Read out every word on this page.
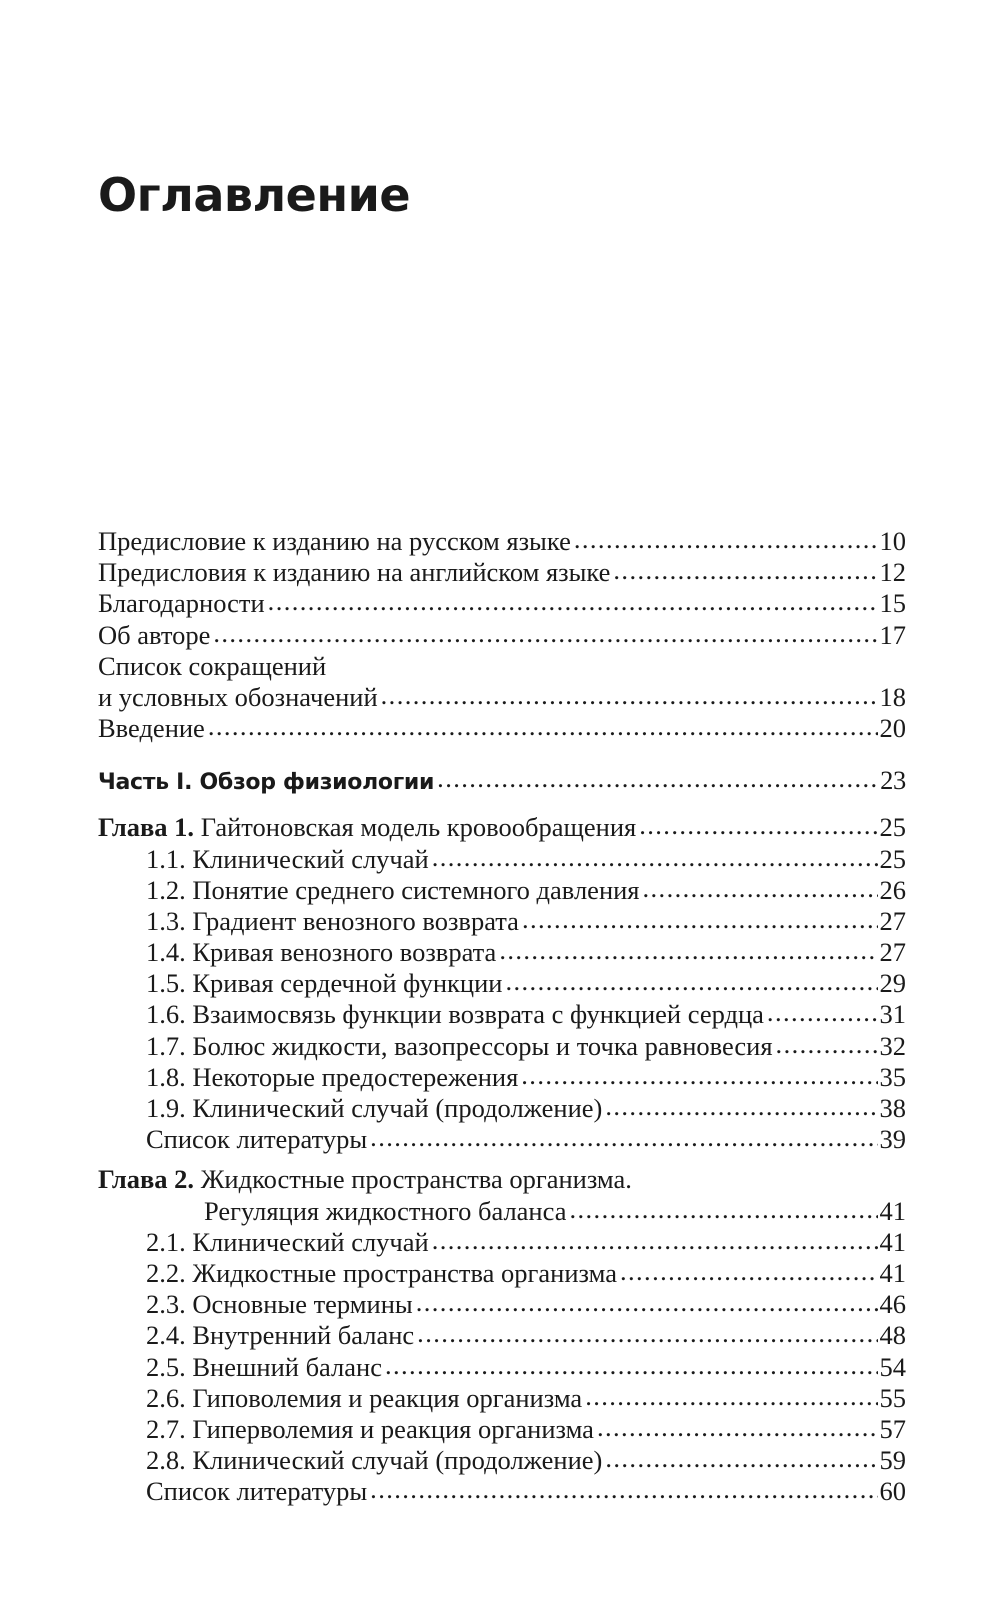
Оглавление
Предисловие к изданию на русском языке .....	10
Предисловия к изданию на английском языке .....	12
Благодарности .....	15
Об авторе .....	17
Список сокращений
и условных обозначений .....	18
Введение .....	20
Часть I. Обзор физиологии .....	23
Глава 1. Гайтоновская модель кровообращения .....	25
1.1. Клинический случай .....	25
1.2. Понятие среднего системного давления .....	26
1.3. Градиент венозного возврата .....	27
1.4. Кривая венозного возврата .....	27
1.5. Кривая сердечной функции .....	29
1.6. Взаимосвязь функции возврата с функцией сердца .....	31
1.7. Болюс жидкости, вазопрессоры и точка равновесия .....	32
1.8. Некоторые предостережения .....	35
1.9. Клинический случай (продолжение) .....	38
Список литературы .....	39
Глава 2. Жидкостные пространства организма.
Регуляция жидкостного баланса .....	41
2.1. Клинический случай .....	41
2.2. Жидкостные пространства организма .....	41
2.3. Основные термины .....	46
2.4. Внутренний баланс .....	48
2.5. Внешний баланс .....	54
2.6. Гиповолемия и реакция организма .....	55
2.7. Гиперволемия и реакция организма .....	57
2.8. Клинический случай (продолжение) .....	59
Список литературы .....	60
